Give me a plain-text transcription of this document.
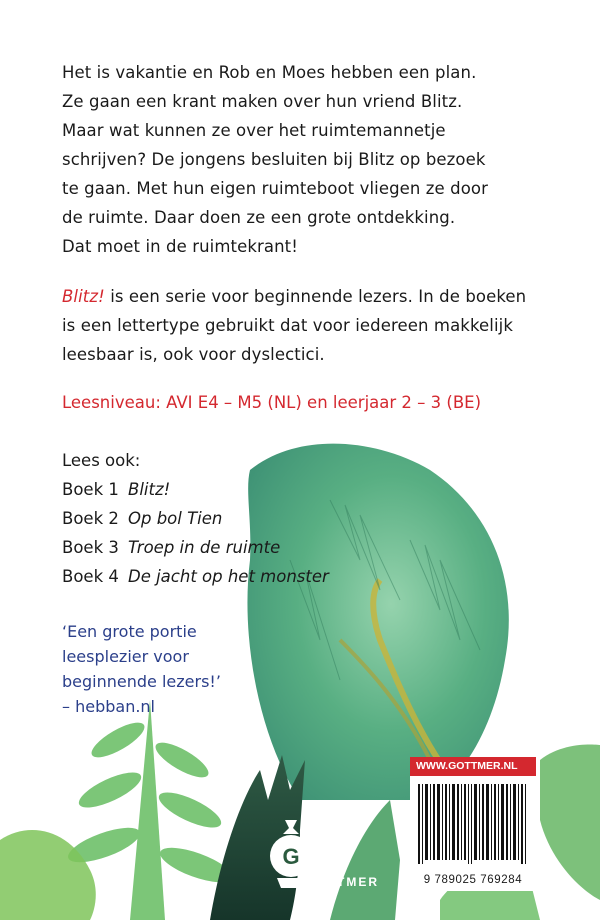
Het is vakantie en Rob en Moes hebben een plan.

Ze gaan een krant maken over hun vriend Blitz.

Maar wat kunnen ze over het ruimtemannetje

schrijven? De jongens besluiten bij Blitz op bezoek

te gaan. Met hun eigen ruimteboot vliegen ze door

de ruimte. Daar doen ze een grote ontdekking.

Dat moet in de ruimtekrant!

Blitz! is een serie voor beginnende lezers. In de boeken

is een lettertype gebruikt dat voor iedereen makkelijk

leesbaar is, ook voor dyslectici.

Leesniveau: AVI E4 – M5 (NL) en leerjaar 2 – 3 (BE)
Lees ook:
Boek 1 Blitz!
Boek 2 Op bol Tien
Boek 3 Troep in de ruimte
Boek 4 De jacht op het monster
‘Een grote portie
leesplezier voor
beginnende lezers!’
– hebban.nl
G
GOTTMER
WWW.GOTTMER.NL
9 789025 769284
